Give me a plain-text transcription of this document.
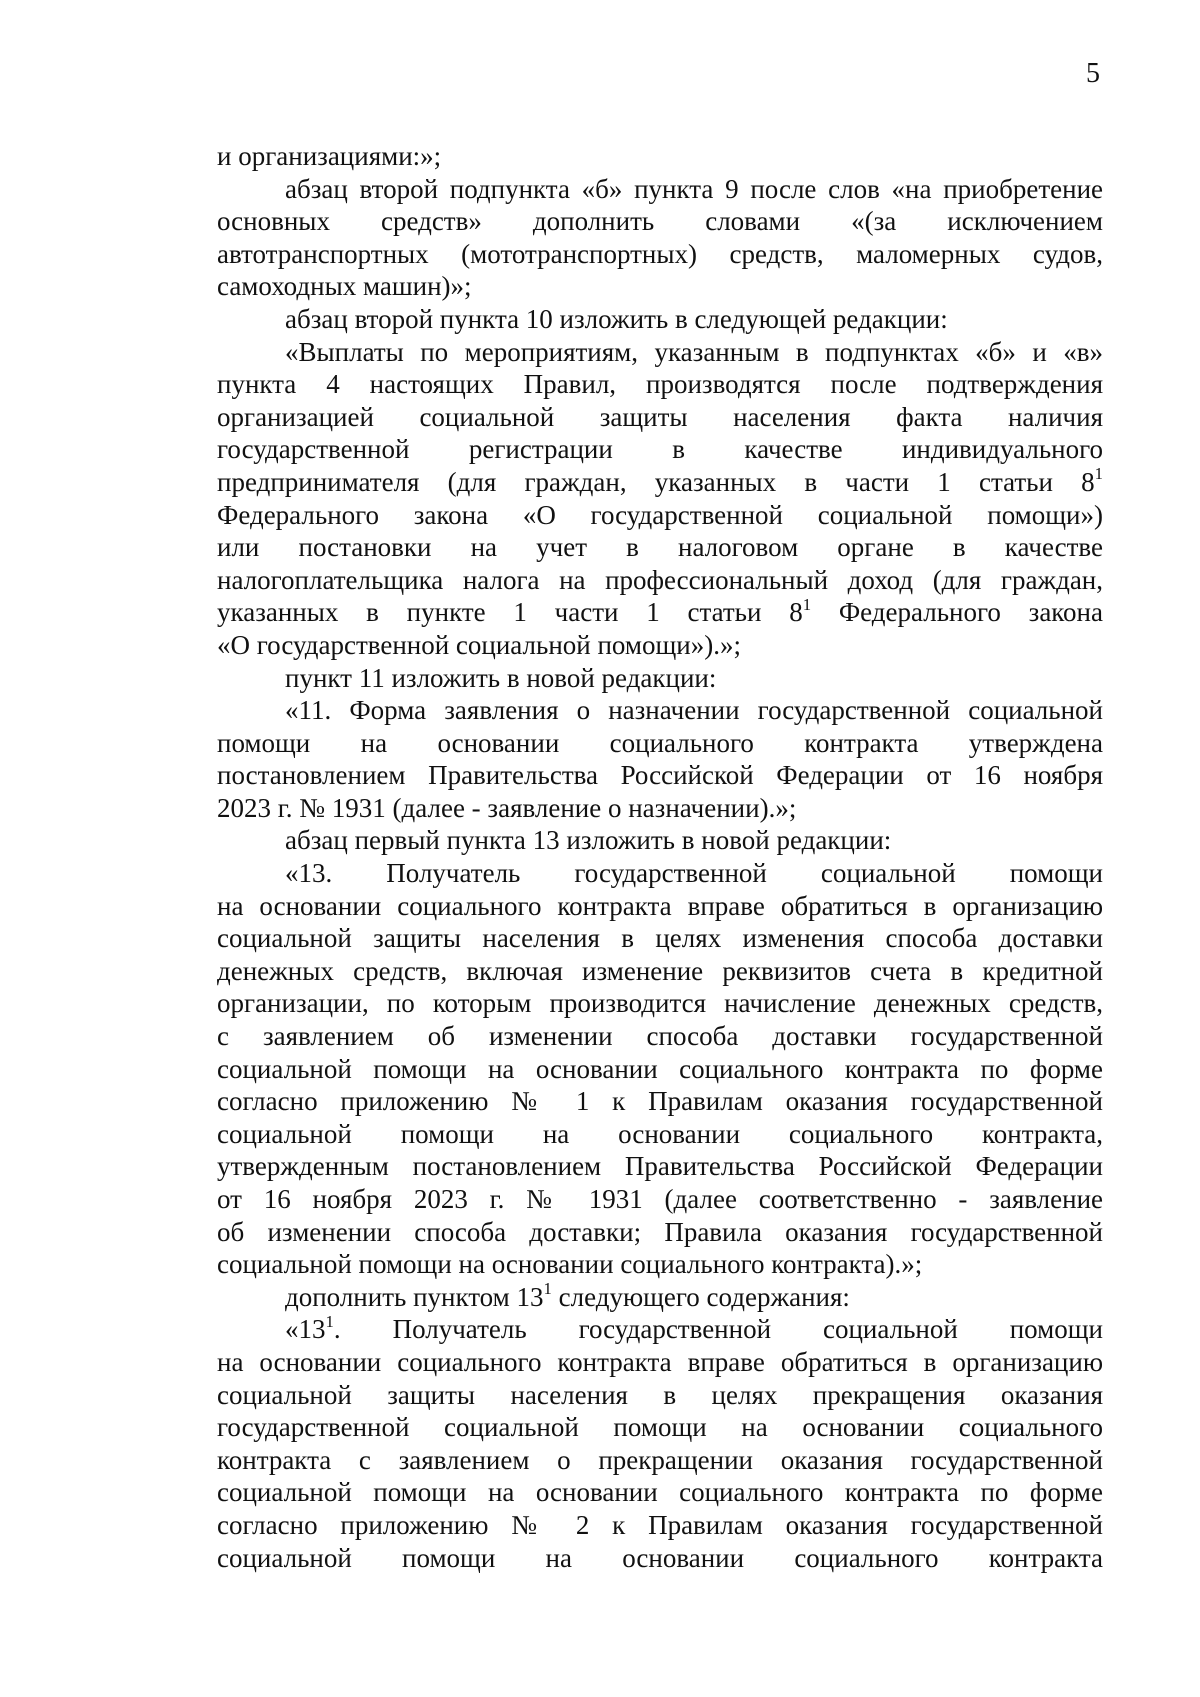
5
и организациями:»;
абзац второй подпункта «б» пункта 9 после слов «на приобретение
основных средств» дополнить словами «(за исключением
автотранспортных (мототранспортных) средств, маломерных судов,
самоходных машин)»;
абзац второй пункта 10 изложить в следующей редакции:
«Выплаты по мероприятиям, указанным в подпунктах «б» и «в»
пункта 4 настоящих Правил, производятся после подтверждения
организацией социальной защиты населения факта наличия
государственной регистрации в качестве индивидуального
предпринимателя (для граждан, указанных в части 1 статьи $8^1$
Федерального закона «О государственной социальной помощи»)
или постановки на учет в налоговом органе в качестве
налогоплательщика налога на профессиональный доход (для граждан,
указанных в пункте 1 части 1 статьи $8^1$ Федерального закона
«О государственной социальной помощи»).»;
пункт 11 изложить в новой редакции:
«11. Форма заявления о назначении государственной социальной
помощи на основании социального контракта утверждена
постановлением Правительства Российской Федерации от 16 ноября
2023 г. № 1931 (далее - заявление о назначении).»;
абзац первый пункта 13 изложить в новой редакции:
«13. Получатель государственной социальной помощи
на основании социального контракта вправе обратиться в организацию
социальной защиты населения в целях изменения способа доставки
денежных средств, включая изменение реквизитов счета в кредитной
организации, по которым производится начисление денежных средств,
с заявлением об изменении способа доставки государственной
социальной помощи на основании социального контракта по форме
согласно приложению № 1 к Правилам оказания государственной
социальной помощи на основании социального контракта,
утвержденным постановлением Правительства Российской Федерации
от 16 ноября 2023 г. № 1931 (далее соответственно - заявление
об изменении способа доставки; Правила оказания государственной
социальной помощи на основании социального контракта).»;
дополнить пунктом $13^1$ следующего содержания:
«$13^1$. Получатель государственной социальной помощи
на основании социального контракта вправе обратиться в организацию
социальной защиты населения в целях прекращения оказания
государственной социальной помощи на основании социального
контракта с заявлением о прекращении оказания государственной
социальной помощи на основании социального контракта по форме
согласно приложению № 2 к Правилам оказания государственной
социальной помощи на основании социального контракта
